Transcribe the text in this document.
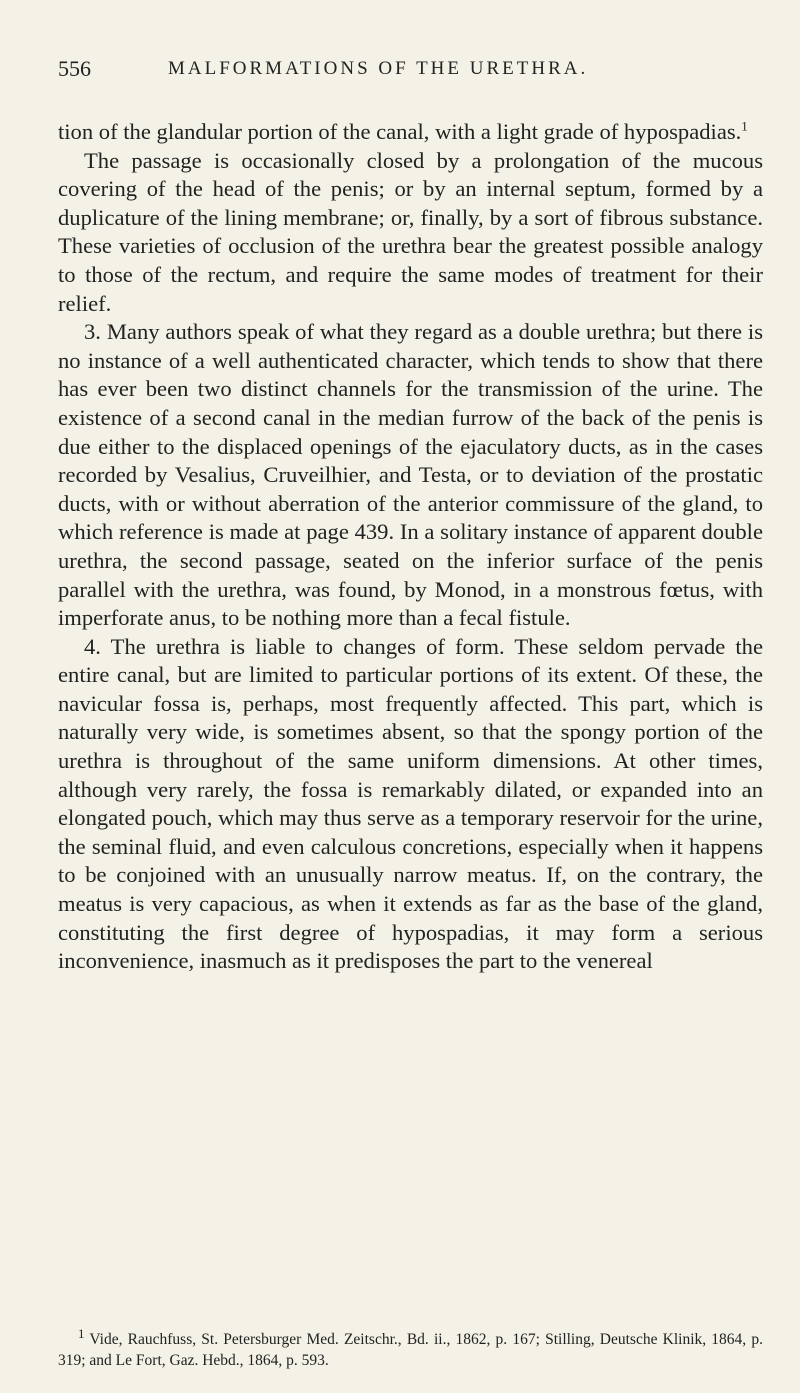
556	MALFORMATIONS OF THE URETHRA.

tion of the glandular portion of the canal, with a light grade of hypospadias.$^1$

The passage is occasionally closed by a prolongation of the mucous covering of the head of the penis; or by an internal septum, formed by a duplicature of the lining membrane; or, finally, by a sort of fibrous substance. These varieties of occlusion of the urethra bear the greatest possible analogy to those of the rectum, and require the same modes of treatment for their relief.

3. Many authors speak of what they regard as a double urethra; but there is no instance of a well authenticated character, which tends to show that there has ever been two distinct channels for the transmission of the urine. The existence of a second canal in the median furrow of the back of the penis is due either to the displaced openings of the ejaculatory ducts, as in the cases recorded by Vesalius, Cruveilhier, and Testa, or to deviation of the prostatic ducts, with or without aberration of the anterior commissure of the gland, to which reference is made at page 439. In a solitary instance of apparent double urethra, the second passage, seated on the inferior surface of the penis parallel with the urethra, was found, by Monod, in a monstrous fœtus, with imperforate anus, to be nothing more than a fecal fistule.

4. The urethra is liable to changes of form. These seldom pervade the entire canal, but are limited to particular portions of its extent. Of these, the navicular fossa is, perhaps, most frequently affected. This part, which is naturally very wide, is sometimes absent, so that the spongy portion of the urethra is throughout of the same uniform dimensions. At other times, although very rarely, the fossa is remarkably dilated, or expanded into an elongated pouch, which may thus serve as a temporary reservoir for the urine, the seminal fluid, and even calculous concretions, especially when it happens to be conjoined with an unusually narrow meatus. If, on the contrary, the meatus is very capacious, as when it extends as far as the base of the gland, constituting the first degree of hypospadias, it may form a serious inconvenience, inasmuch as it predisposes the part to the venereal

$^1$ Vide, Rauchfuss, St. Petersburger Med. Zeitschr., Bd. ii., 1862, p. 167; Stilling, Deutsche Klinik, 1864, p. 319; and Le Fort, Gaz. Hebd., 1864, p. 593.
